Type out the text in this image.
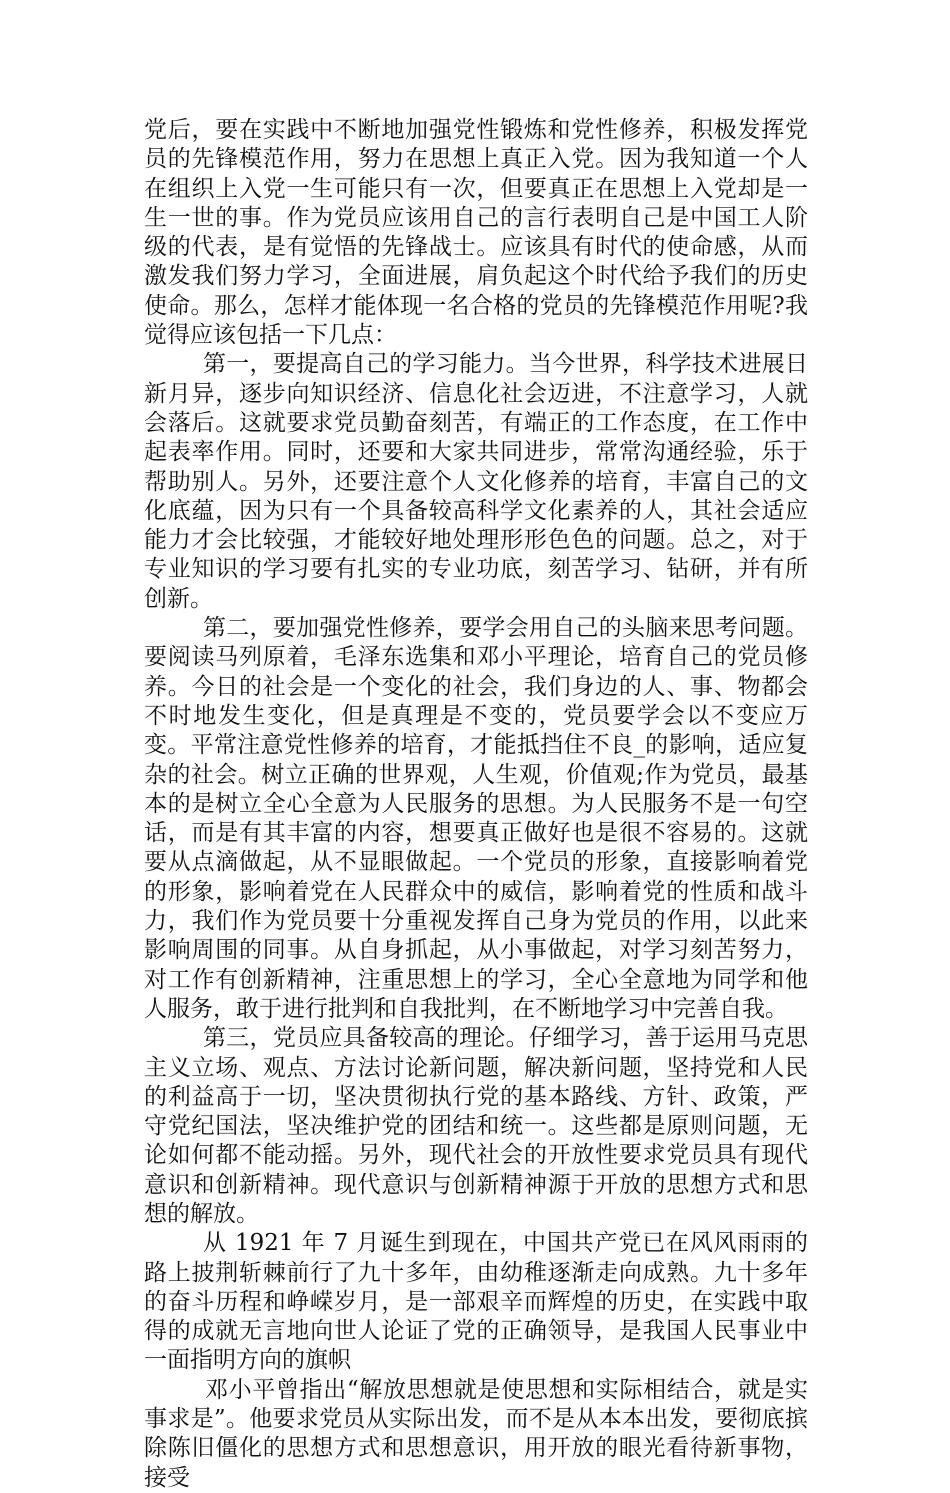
党后，要在实践中不断地加强党性锻炼和党性修养，积极发挥党员的先锋模范作用，努力在思想上真正入党。因为我知道一个人在组织上入党一生可能只有一次，但要真正在思想上入党却是一生一世的事。作为党员应该用自己的言行表明自己是中国工人阶级的代表，是有觉悟的先锋战士。应该具有时代的使命感，从而激发我们努力学习，全面进展，肩负起这个时代给予我们的历史使命。那么，怎样才能体现一名合格的党员的先锋模范作用呢?我觉得应该包括一下几点：

第一，要提高自己的学习能力。当今世界，科学技术进展日新月异，逐步向知识经济、信息化社会迈进，不注意学习，人就会落后。这就要求党员勤奋刻苦，有端正的工作态度，在工作中起表率作用。同时，还要和大家共同进步，常常沟通经验，乐于帮助别人。另外，还要注意个人文化修养的培育，丰富自己的文化底蕴，因为只有一个具备较高科学文化素养的人，其社会适应能力才会比较强，才能较好地处理形形色色的问题。总之，对于专业知识的学习要有扎实的专业功底，刻苦学习、钻研，并有所创新。

第二，要加强党性修养，要学会用自己的头脑来思考问题。要阅读马列原着，毛泽东选集和邓小平理论，培育自己的党员修养。今日的社会是一个变化的社会，我们身边的人、事、物都会不时地发生变化，但是真理是不变的，党员要学会以不变应万变。平常注意党性修养的培育，才能抵挡住不良_的影响，适应复杂的社会。树立正确的世界观，人生观，价值观;作为党员，最基本的是树立全心全意为人民服务的思想。为人民服务不是一句空话，而是有其丰富的内容，想要真正做好也是很不容易的。这就要从点滴做起，从不显眼做起。一个党员的形象，直接影响着党的形象，影响着党在人民群众中的威信，影响着党的性质和战斗力，我们作为党员要十分重视发挥自己身为党员的作用，以此来影响周围的同事。从自身抓起，从小事做起，对学习刻苦努力，对工作有创新精神，注重思想上的学习，全心全意地为同学和他人服务，敢于进行批判和自我批判，在不断地学习中完善自我。

第三，党员应具备较高的理论。仔细学习，善于运用马克思主义立场、观点、方法讨论新问题，解决新问题，坚持党和人民的利益高于一切，坚决贯彻执行党的基本路线、方针、政策，严守党纪国法，坚决维护党的团结和统一。这些都是原则问题，无论如何都不能动摇。另外，现代社会的开放性要求党员具有现代意识和创新精神。现代意识与创新精神源于开放的思想方式和思想的解放。

从 1921 年 7 月诞生到现在，中国共产党已在风风雨雨的路上披荆斩棘前行了九十多年，由幼稚逐渐走向成熟。九十多年的奋斗历程和峥嵘岁月，是一部艰辛而辉煌的历史，在实践中取得的成就无言地向世人论证了党的正确领导，是我国人民事业中一面指明方向的旗帜

邓小平曾指出“解放思想就是使思想和实际相结合，就是实事求是”。他要求党员从实际出发，而不是从本本出发，要彻底摈除陈旧僵化的思想方式和思想意识，用开放的眼光看待新事物，接受
